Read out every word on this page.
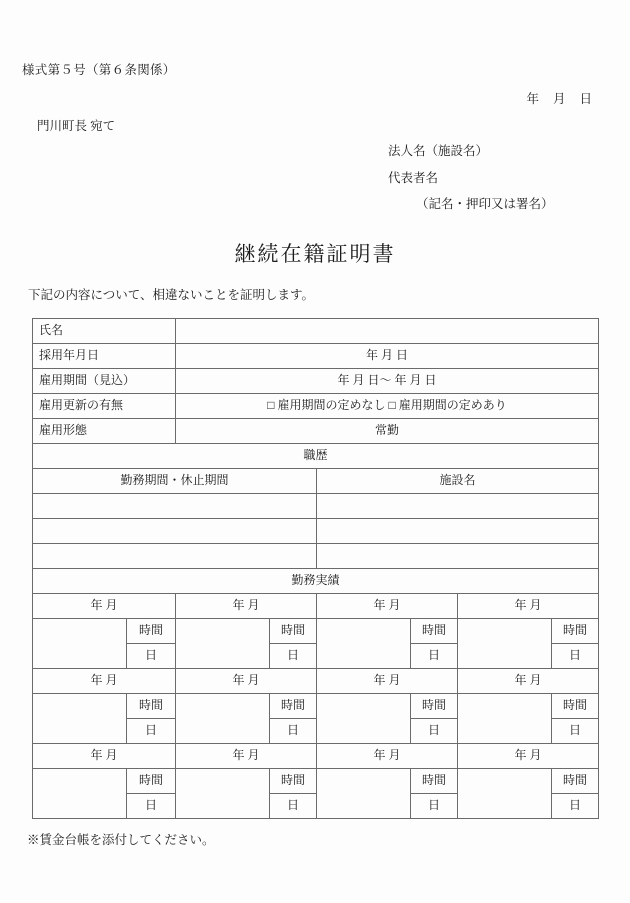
様式第５号（第６条関係）
年 月 日
門川町長 宛て
法人名（施設名）
代表者名
（記名・押印又は署名）
継続在籍証明書
下記の内容について、相違ないことを証明します。
氏名							
採用年月日		年 月 日					
雇用期間（見込）		年 月 日～ 年 月 日					
雇用更新の有無		□ 雇用期間の定めなし □ 雇用期間の定めあり					
雇用形態		常勤					
職歴							
勤務期間・休止期間				施設名			

勤務実績							
年 月		年 月		年 月		年 月	
	時間		時間		時間		時間
	日		日		日		日
年 月		年 月		年 月		年 月	
	時間		時間		時間		時間
	日		日		日		日
年 月		年 月		年 月		年 月	
	時間		時間		時間		時間
	日		日		日		日
※賃金台帳を添付してください。
